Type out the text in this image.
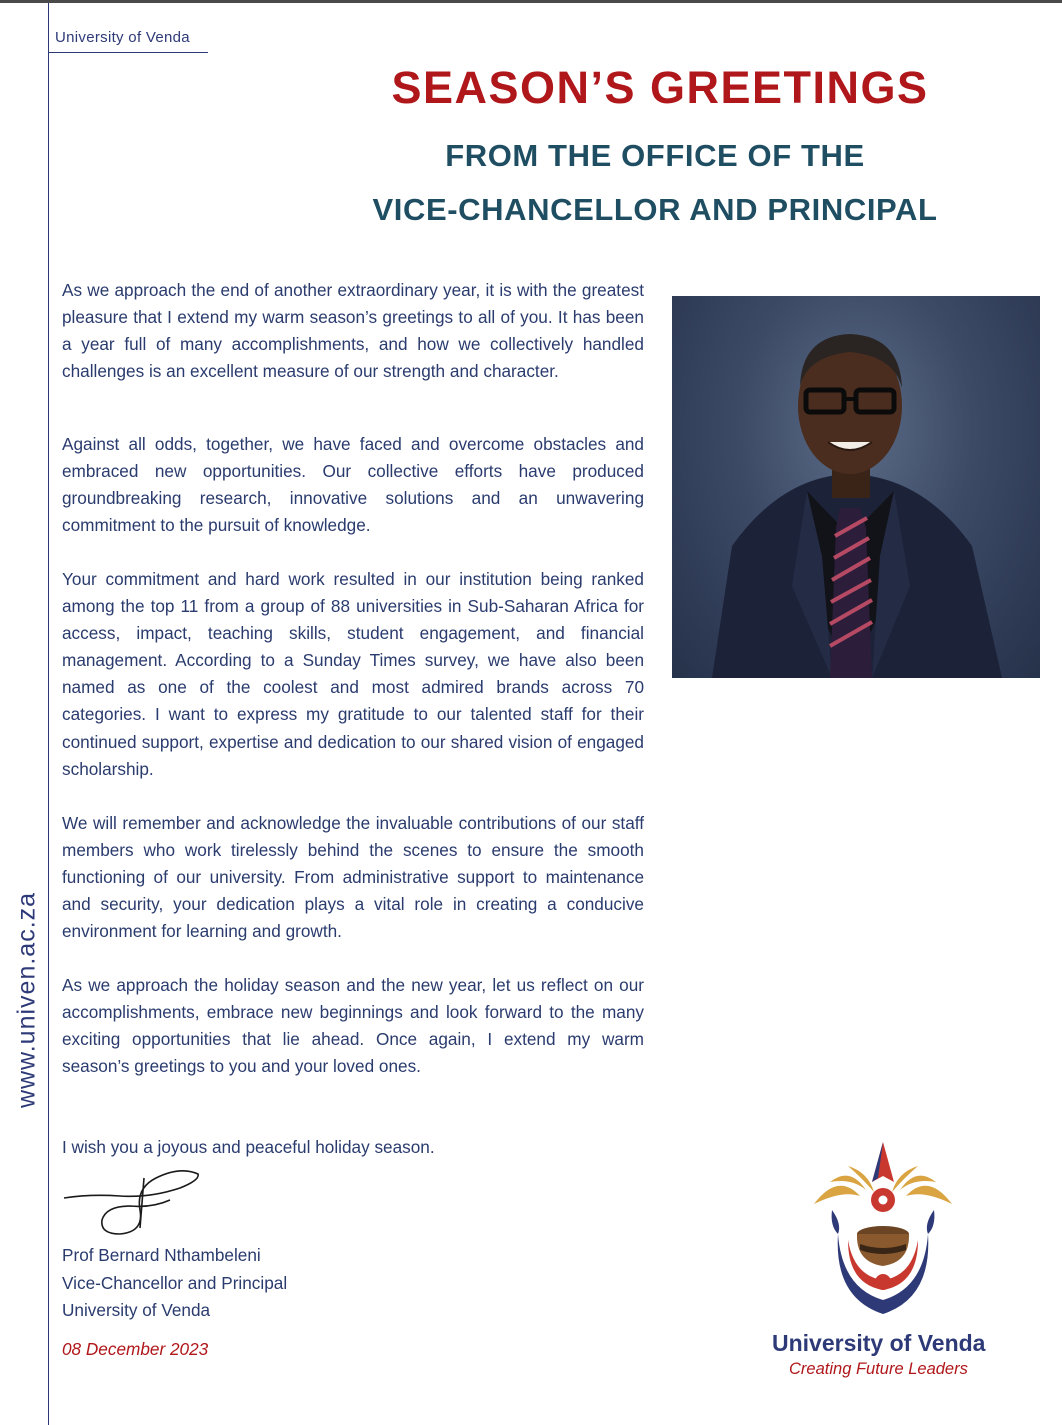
University of Venda
www.univen.ac.za
SEASON’S GREETINGS
FROM THE OFFICE OF THE
VICE-CHANCELLOR AND PRINCIPAL

As we approach the end of another extraordinary year, it is with the greatest pleasure that I extend my warm season’s greetings to all of you. It has been a year full of many accomplishments, and how we collectively handled challenges is an excellent measure of our strength and character.

Against all odds, together, we have faced and overcome obstacles and embraced new opportunities. Our collective efforts have produced groundbreaking research, innovative solutions and an unwavering commitment to the pursuit of knowledge.

Your commitment and hard work resulted in our institution being ranked among the top 11 from a group of 88 universities in Sub-Saharan Africa for access, impact, teaching skills, student engagement, and financial management. According to a Sunday Times survey, we have also been named as one of the coolest and most admired brands across 70 categories. I want to express my gratitude to our talented staff for their continued support, expertise and dedication to our shared vision of engaged scholarship.

We will remember and acknowledge the invaluable contributions of our staff members who work tirelessly behind the scenes to ensure the smooth functioning of our university. From administrative support to maintenance and security, your dedication plays a vital role in creating a conducive environment for learning and growth.

As we approach the holiday season and the new year, let us reflect on our accomplishments, embrace new beginnings and look forward to the many exciting opportunities that lie ahead. Once again, I extend my warm season’s greetings to you and your loved ones.

I wish you a joyous and peaceful holiday season.

Prof Bernard Nthambeleni
Vice-Chancellor and Principal
University of Venda
08 December 2023	University of Venda
Creating Future Leaders
